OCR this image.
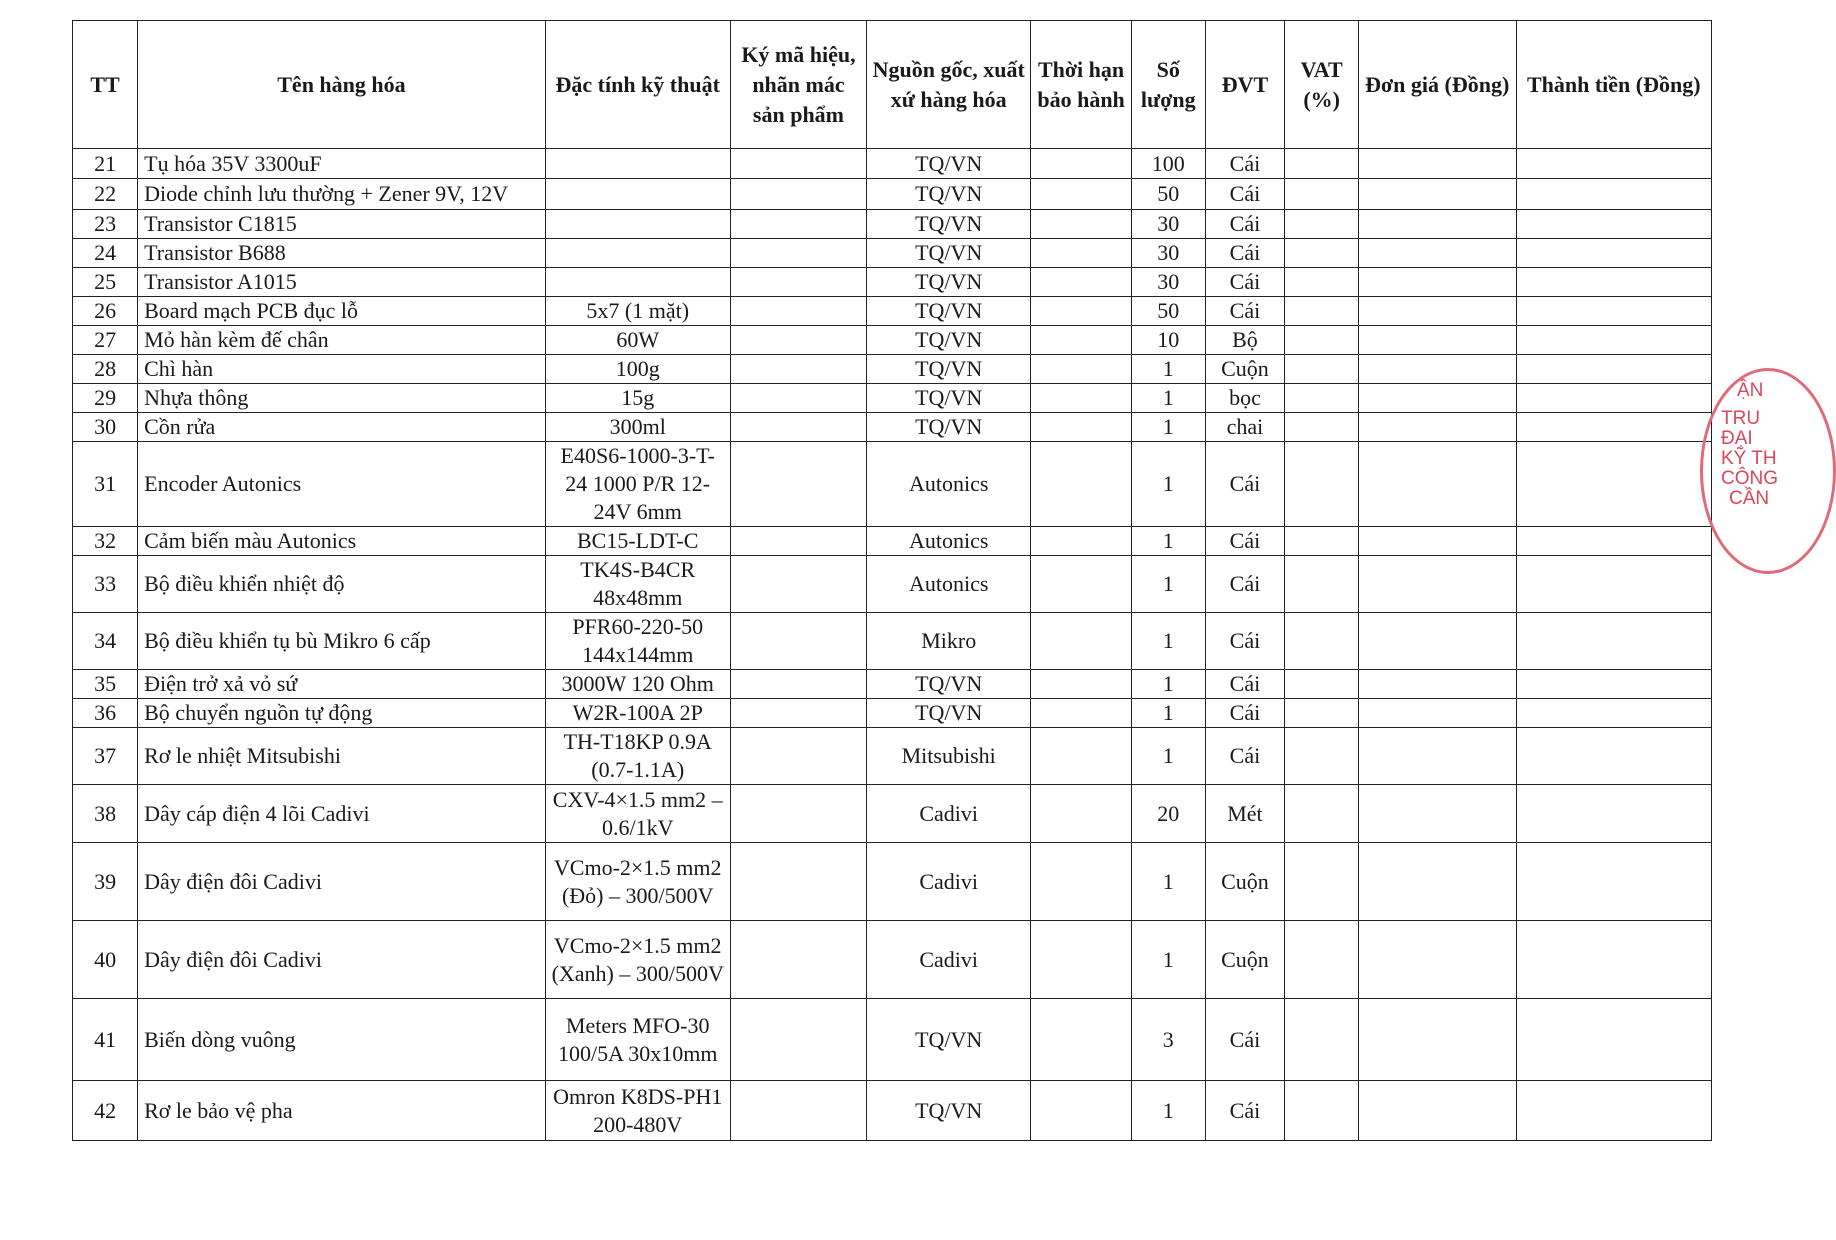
TT	Tên hàng hóa	Đặc tính kỹ thuật	Ký mã hiệu, nhãn mác sản phẩm	Nguồn gốc, xuất xứ hàng hóa	Thời hạn bảo hành	Số lượng	ĐVT	VAT (%)	Đơn giá (Đồng)	Thành tiền (Đồng)
21	Tụ hóa 35V 3300uF			TQ/VN		100	Cái			
22	Diode chỉnh lưu thường + Zener 9V, 12V			TQ/VN		50	Cái			
23	Transistor C1815			TQ/VN		30	Cái			
24	Transistor B688			TQ/VN		30	Cái			
25	Transistor A1015			TQ/VN		30	Cái			
26	Board mạch PCB đục lỗ	5x7 (1 mặt)		TQ/VN		50	Cái			
27	Mỏ hàn kèm đế chân	60W		TQ/VN		10	Bộ			
28	Chì hàn	100g		TQ/VN		1	Cuộn			
29	Nhựa thông	15g		TQ/VN		1	bọc			
30	Cồn rửa	300ml		TQ/VN		1	chai			
31	Encoder Autonics	E40S6-1000-3-T-24 1000 P/R 12-24V 6mm		Autonics		1	Cái			
32	Cảm biến màu Autonics	BC15-LDT-C		Autonics		1	Cái			
33	Bộ điều khiển nhiệt độ	TK4S-B4CR 48x48mm		Autonics		1	Cái			
34	Bộ điều khiển tụ bù Mikro 6 cấp	PFR60-220-50 144x144mm		Mikro		1	Cái			
35	Điện trở xả vỏ sứ	3000W 120 Ohm		TQ/VN		1	Cái			
36	Bộ chuyển nguồn tự động	W2R-100A 2P		TQ/VN		1	Cái			
37	Rơ le nhiệt Mitsubishi	TH-T18KP 0.9A (0.7-1.1A)		Mitsubishi		1	Cái			
38	Dây cáp điện 4 lõi Cadivi	CXV-4×1.5 mm2 – 0.6/1kV		Cadivi		20	Mét			
39	Dây điện đôi Cadivi	VCmo-2×1.5 mm2 (Đỏ) – 300/500V		Cadivi		1	Cuộn			
40	Dây điện đôi Cadivi	VCmo-2×1.5 mm2 (Xanh) – 300/500V		Cadivi		1	Cuộn			
41	Biến dòng vuông	Meters MFO-30 100/5A 30x10mm		TQ/VN		3	Cái			
42	Rơ le bảo vệ pha	Omron K8DS-PH1 200-480V		TQ/VN		1	Cái			
ẬN
TRU
ĐẠI
KỸ TH
CÔNG
CẦN
